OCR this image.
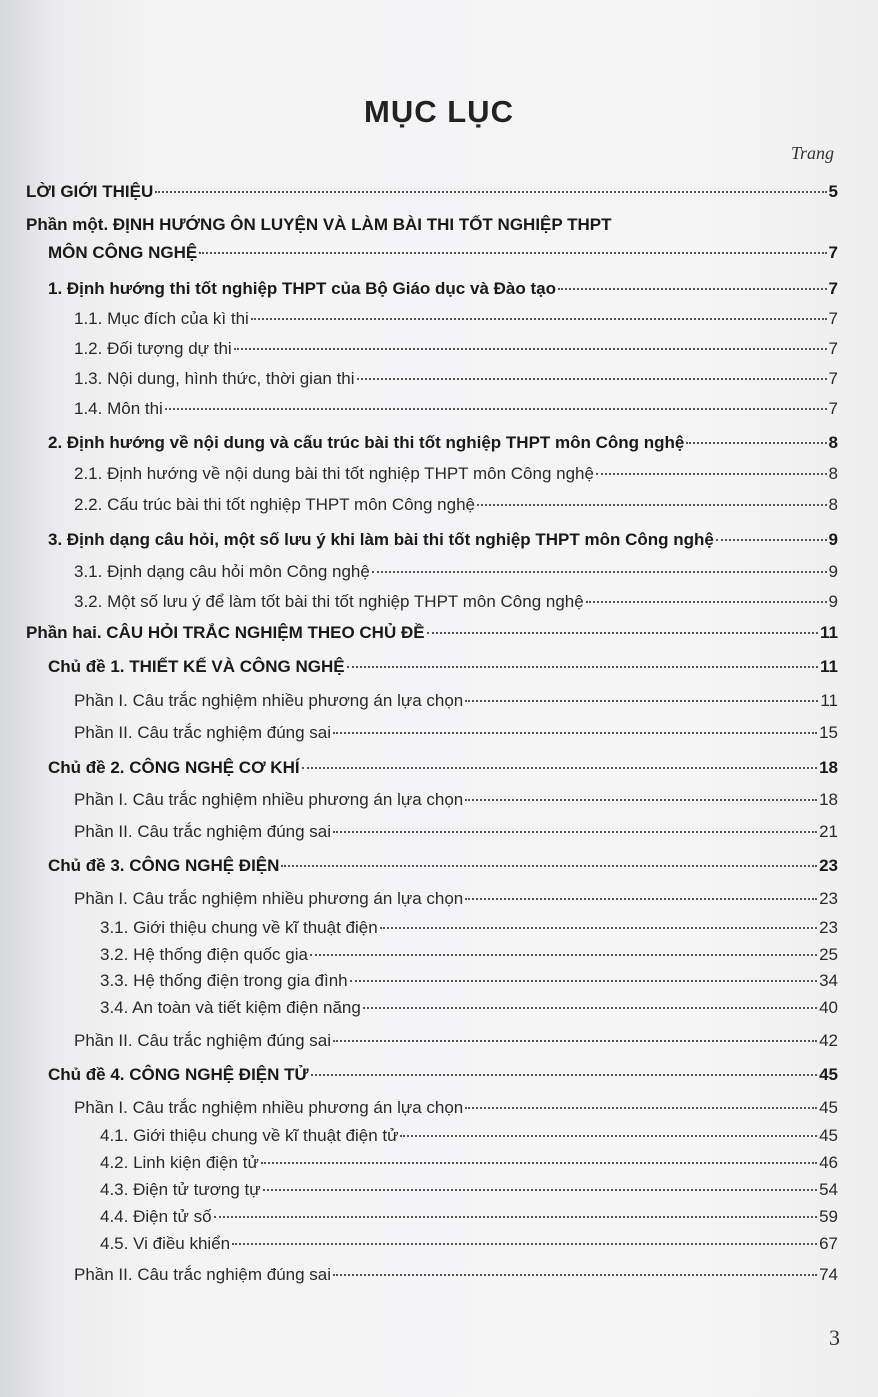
MỤC LỤC
Trang
LỜI GIỚI THIỆU	5
Phần một. ĐỊNH HƯỚNG ÔN LUYỆN VÀ LÀM BÀI THI TỐT NGHIỆP THPT
MÔN CÔNG NGHỆ	7
1. Định hướng thi tốt nghiệp THPT của Bộ Giáo dục và Đào tạo	7
1.1. Mục đích của kì thi	7
1.2. Đối tượng dự thi	7
1.3. Nội dung, hình thức, thời gian thi	7
1.4. Môn thi	7
2. Định hướng về nội dung và cấu trúc bài thi tốt nghiệp THPT môn Công nghệ	8
2.1. Định hướng về nội dung bài thi tốt nghiệp THPT môn Công nghệ	8
2.2. Cấu trúc bài thi tốt nghiệp THPT môn Công nghệ	8
3. Định dạng câu hỏi, một số lưu ý khi làm bài thi tốt nghiệp THPT môn Công nghệ	9
3.1. Định dạng câu hỏi môn Công nghệ	9
3.2. Một số lưu ý để làm tốt bài thi tốt nghiệp THPT môn Công nghệ	9
Phần hai. CÂU HỎI TRẮC NGHIỆM THEO CHỦ ĐỀ	11
Chủ đề 1. THIẾT KẾ VÀ CÔNG NGHỆ	11
Phần I. Câu trắc nghiệm nhiều phương án lựa chọn	11
Phần II. Câu trắc nghiệm đúng sai	15
Chủ đề 2. CÔNG NGHỆ CƠ KHÍ	18
Phần I. Câu trắc nghiệm nhiều phương án lựa chọn	18
Phần II. Câu trắc nghiệm đúng sai	21
Chủ đề 3. CÔNG NGHỆ ĐIỆN	23
Phần I. Câu trắc nghiệm nhiều phương án lựa chọn	23
3.1. Giới thiệu chung về kĩ thuật điện	23
3.2. Hệ thống điện quốc gia	25
3.3. Hệ thống điện trong gia đình	34
3.4. An toàn và tiết kiệm điện năng	40
Phần II. Câu trắc nghiệm đúng sai	42
Chủ đề 4. CÔNG NGHỆ ĐIỆN TỬ	45
Phần I. Câu trắc nghiệm nhiều phương án lựa chọn	45
4.1. Giới thiệu chung về kĩ thuật điện tử	45
4.2. Linh kiện điện tử	46
4.3. Điện tử tương tự	54
4.4. Điện tử số	59
4.5. Vi điều khiển	67
Phần II. Câu trắc nghiệm đúng sai	74
3
